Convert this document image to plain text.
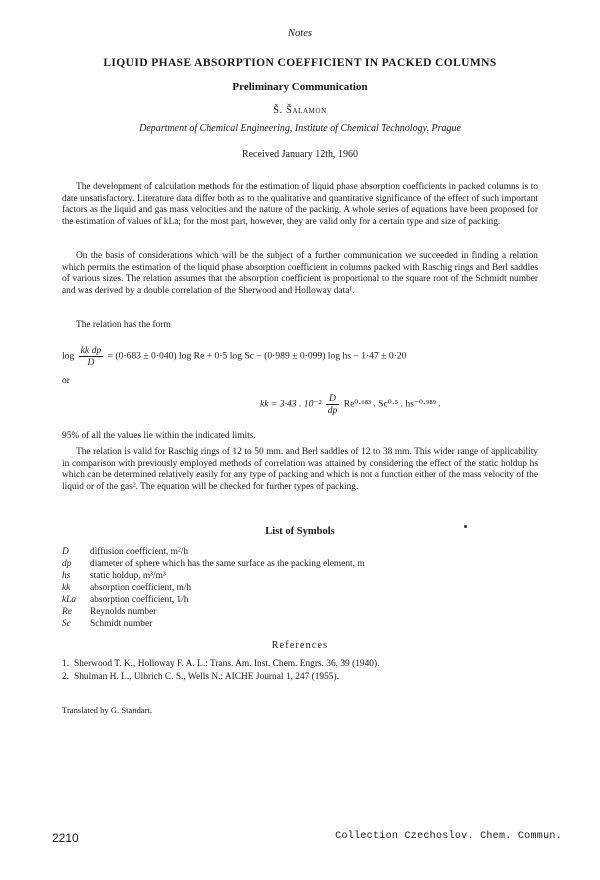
Notes
LIQUID PHASE ABSORPTION COEFFICIENT IN PACKED COLUMNS
Preliminary Communication
Š. Šalamon
Department of Chemical Engineering, Institute of Chemical Technology, Prague
Received January 12th, 1960

The development of calculation methods for the estimation of liquid phase absorption coefficients in packed columns is to date unsatisfactory. Literature data differ both as to the qualitative and quantitative significance of the effect of such important factors as the liquid and gas mass velocities and the nature of the packing. A whole series of equations have been proposed for the estimation of values of kLa; for the most part, however, they are valid only for a certain type and size of packing.

On the basis of considerations which will be the subject of a further communication we succeeded in finding a relation which permits the estimation of the liquid phase absorption coefficient in columns packed with Raschig rings and Berl saddles of various sizes. The relation assumes that the absorption coefficient is proportional to the square root of the Schmidt number and was derived by a double correlation of the Sherwood and Holloway data¹.

The relation has the form

$\log \frac{\text{kk dp}}{D} = (0\cdot 683 \pm 0\cdot 040)$ log Re + 0·5 log Sc − (0·989 ± 0·099) log hs − 1·47 ± 0·20
or
kk = 3·43 . $10^{-2} \frac{D}{dp} Re^0\cdot^{683}$ . Sc⁰·⁵ . hs⁻⁰·⁹⁸⁹ .

95% of all the values lie within the indicated limits.

The relation is valid for Raschig rings of 12 to 50 mm. and Berl saddles of 12 to 38 mm. This wider range of applicability in comparison with previously employed methods of correlation was attained by considering the effect of the static holdup hs which can be determined relatively easily for any type of packing and which is not a function either of the mass velocity of the liquid or of the gas². The equation will be checked for further types of packing.

List of Symbols
D diffusion coefficient, m²/h
dp diameter of sphere which has the same surface as the packing element, m
hs static holdup, m³/m³
kk absorption coefficient, m/h
kLa absorption coefficient, 1/h
Re Reynolds number
Sc Schmidt number
References
1. Sherwood T. K., Holloway F. A. L.: Trans. Am. Inst. Chem. Engrs. 36, 39 (1940).
2. Shulman H. L., Ulbrich C. S., Wells N.: AICHE Journal 1, 247 (1955).
Translated by G. Standart.
2210	Collection Czechoslov. Chem. Commun.
